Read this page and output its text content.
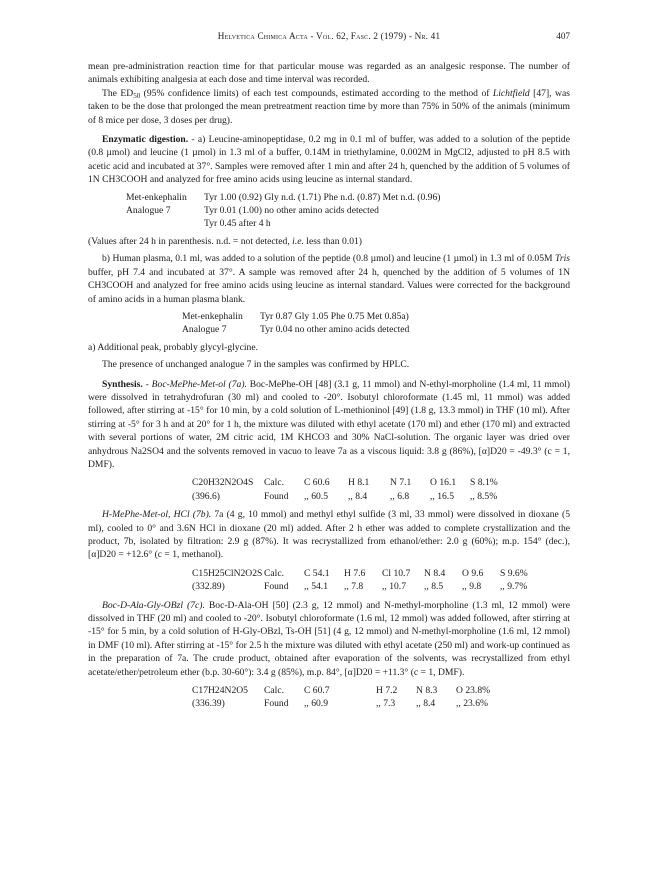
Helvetica Chimica Acta - Vol. 62, Fasc. 2 (1979) - Nr. 41	407

mean pre-administration reaction time for that particular mouse was regarded as an analgesic response. The number of animals exhibiting analgesia at each dose and time interval was recorded.

The $ED_{50}$ (95% confidence limits) of each test compounds, estimated according to the method of Lichtfield [47], was taken to be the dose that prolonged the mean pretreatment reaction time by more than 75% in 50% of the animals (minimum of 8 mice per dose, 3 doses per drug).

Enzymatic digestion. - a) Leucine-aminopeptidase, 0.2 mg in 0.1 ml of buffer, was added to a solution of the peptide (0.8 µmol) and leucine (1 µmol) in 1.3 ml of a buffer, 0.14M in triethylamine, 0.002M in MgCl2, adjusted to pH 8.5 with acetic acid and incubated at 37°. Samples were removed after 1 min and after 24 h, quenched by the addition of 5 volumes of 1N CH3COOH and analyzed for free amino acids using leucine as internal standard.

Met-enkephalin	Tyr 1.00 (0.92) Gly n.d. (1.71) Phe n.d. (0.87) Met n.d. (0.96)
Analogue 7	Tyr 0.01 (1.00) no other amino acids detected
Tyr 0.45 after 4 h

(Values after 24 h in parenthesis. n.d. = not detected, i.e. less than 0.01)

b) Human plasma, 0.1 ml, was added to a solution of the peptide (0.8 µmol) and leucine (1 µmol) in 1.3 ml of 0.05M Tris buffer, pH 7.4 and incubated at 37°. A sample was removed after 24 h, quenched by the addition of 5 volumes of 1N CH3COOH and analyzed for free amino acids using leucine as internal standard. Values were corrected for the background of amino acids in a human plasma blank.

Met-enkephalin	Tyr 0.87 Gly 1.05 Phe 0.75 Met 0.85a)
Analogue 7	Tyr 0.04 no other amino acids detected

a) Additional peak, probably glycyl-glycine.

The presence of unchanged analogue 7 in the samples was confirmed by HPLC.

Synthesis. - Boc-MePhe-Met-ol (7a). Boc-MePhe-OH [48] (3.1 g, 11 mmol) and N-ethyl-morpholine (1.4 ml, 11 mmol) were dissolved in tetrahydrofuran (30 ml) and cooled to -20°. Isobutyl chloroformate (1.45 ml, 11 mmol) was added followed, after stirring at -15° for 10 min, by a cold solution of L-methioninol [49] (1.8 g, 13.3 mmol) in THF (10 ml). After stirring at -5° for 3 h and at 20° for 1 h, the mixture was diluted with ethyl acetate (170 ml) and ether (170 ml) and extracted with several portions of water, 2M citric acid, 1M KHCO3 and 30% NaCl-solution. The organic layer was dried over anhydrous Na2SO4 and the solvents removed in vacuo to leave 7a as a viscous liquid: 3.8 g (86%), [α]D20 = -49.3° (c = 1, DMF).

C20H32N2O4S	Calc.	C 60.6	H 8.1	N 7.1	O 16.1	S 8.1%
(396.6)	Found	,, 60.5	,, 8.4	,, 6.8	,, 16.5	,, 8.5%

H-MePhe-Met-ol, HCl (7b). 7a (4 g, 10 mmol) and methyl ethyl sulfide (3 ml, 33 mmol) were dissolved in dioxane (5 ml), cooled to 0° and 3.6N HCl in dioxane (20 ml) added. After 2 h ether was added to complete crystallization and the product, 7b, isolated by filtration: 2.9 g (87%). It was recrystallized from ethanol/ether: 2.0 g (60%); m.p. 154° (dec.), [α]D20 = +12.6° (c = 1, methanol).

C15H25ClN2O2S Calc.	C 54.1	H 7.6	Cl 10.7	N 8.4	O 9.6	S 9.6%
(332.89)	Found	,, 54.1	,, 7.8	,, 10.7	,, 8.5	,, 9.8	,, 9.7%

Boc-D-Ala-Gly-OBzl (7c). Boc-D-Ala-OH [50] (2.3 g, 12 mmol) and N-methyl-morpholine (1.3 ml, 12 mmol) were dissolved in THF (20 ml) and cooled to -20°. Isobutyl chloroformate (1.6 ml, 12 mmol) was added followed, after stirring at -15° for 5 min, by a cold solution of H-Gly-OBzl, Ts-OH [51] (4 g, 12 mmol) and N-methyl-morpholine (1.6 ml, 12 mmol) in DMF (10 ml). After stirring at -15° for 2.5 h the mixture was diluted with ethyl acetate (250 ml) and work-up continued as in the preparation of 7a. The crude product, obtained after evaporation of the solvents, was recrystallized from ethyl acetate/ether/petroleum ether (b.p. 30-60°): 3.4 g (85%), m.p. 84°, [α]D20 = +11.3° (c = 1, DMF).

C17H24N2O5	Calc.	C 60.7	H 7.2	N 8.3	O 23.8%
(336.39)	Found	,, 60.9	,, 7.3	,, 8.4	,, 23.6%
